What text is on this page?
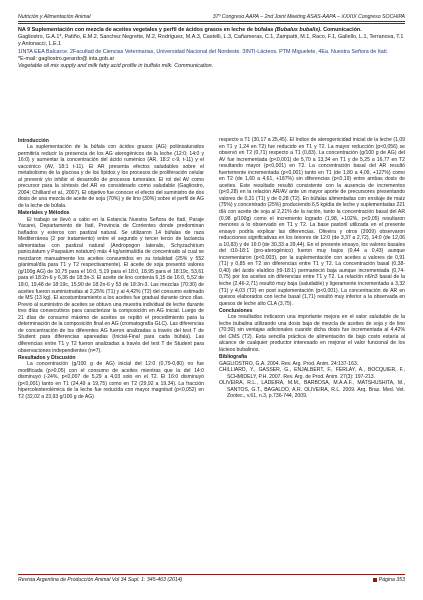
Nutrición y Alimentación Animal	37º Congreso AAPA – 2nd Joint Meeting ASAS-AAPA – XXXIX Congreso SOCHIPA
NA 9 Suplementación con mezcla de aceites vegetales y perfil de ácidos grasos en leche de búfalas (Bubalus bubalis). Comunicación.
Gagliostro, G.A.1*, Patiño, E.M.2, Sanchez Negrette, M.2, Rodríguez, M.A.3, Castelli, L.3, Cañameras, C.1, Zampatti, M.1, Raco, F.1, Gallello, L.1, Terranova, T.1 y Antonacci, L.E.1
1INTA EEA Balcarce. 2Facultad de Ciencias Veterinarias, Universidad Nacional del Nordeste. 3INTI-Lácteos. PTM Miguelete, 4Ea. Nuestra Señora de Itatí.
*E-mail: gagliostro.gerardo@ inta.gob.ar
Vegetable oil mix supply and milk fatty acid profile in buffalo milk. Communication.

Introducción

La suplementación de la búfala con ácidos grasos (AG) poliinsaturados permitiría reducir la presencia de los AG aterogénicos de la leche (12:0; 14:0 y 16:0) y aumentar la concentración del ácido ruménico (AR, 18:2 c-9, t-11) y el vaccénico (AV, 18:1 t-11). El AR presenta efectos saludables sobre el metabolismo de la glucosa y de los lípidos y los procesos de proliferación celular al prevenir y/o inhibir el desarrollo de procesos tumorales. El rol del AV como precursor para la síntesis del AR es considerado como saludable (Gagliostro, 2004; Chilliard et al., 2007). El objetivo fue conocer el efecto del suministro de dos dosis de una mezcla de aceite de soja (70%) y de lino (30%) sobre el perfil de AG de la leche de búfala.

Materiales y Métodos

El trabajo se llevó a cabo en la Estancia Nuestra Señora de Itatí, Paraje Yacarei, Departamento de Itatí, Provincia de Corrientes donde predominan bañados y esteros con pastizal natural. Se utilizaron 14 búfalas de raza Mediterránea (2 por tratamiento) entre el segundo y tercer tercio de lactancia alimentadas con pastizal natural (Andropogon lateralis, Schyzachirium paniculatum y Paspalum notatum) más 4 kg/animal/día de concentrado al cual se mezclaron manualmente los aceites consumidos en su totalidad (25% y 552 g/animal/día para T1 y T2 respectivamente). El aceite de soja presentó valores (g/100g AG) de 10,75 para el 16:0, 5,19 para el 18:0, 18,95 para el 18:19c, 53,61 para el 18:2n-6 y 6,36 de 18:3n-3. El aceite de lino contenía 6,15 de 16:0, 5,52 de 18:0, 19,48 de 18:19c, 15,90 de 18:2n-6 y 53 de 18:3n-3. Las mezclas (70:30) de aceites fueron suministradas al 2,25% (T1) y al 4,42% (T2) del consumo estimado de MS (13 kg). El acostumbramiento a los aceites fue gradual durante cinco días. Previo al suministro de aceites se obtuvo una muestra individual de leche durante tres días consecutivos para caracterizar la composición en AG inicial. Luego de 21 días de consumo máximo de aceites se repitió el procedimiento para la determinación de la composición final en AG (cromatografía GLC). Las diferencias de concentración de los diferentes AG fueron analizadas a través del test T de Student para diferencias apareadas (Inicial-Final para cada búfala). Las diferencias entre T1 y T2 fueron analizadas a través del test T de Student para observaciones independientes (n=7).

Resultados y Discusión

La concentración (g/100 g de AG) inicial del 12:0 (0,79-0,80) no fue modificada (p>0,05) con el consumo de aceites mientras que la del 14:0 disminuyó (-24%, p<0,007 de 5,29 a 4,03 solo en el T2. El 16:0 disminuyó (p<0,001) tanto en T1 (24,49 a 19,75) como en T2 (29,92 a 19,34). La fracción hipercolesterolémica de la leche fue reducida con mayor magnitud (p<0,052) en T2 (32,02 a 23,93 g/100 g de AG)

respecto a T1 (30,17 a 25,45). El índice de aterogenicidad inicial de la leche (1,09 en T1 y 1,24 en T2) fue reducido en T1 y T2. La mayor reducción (p<0,056) se observó en T2 (0,71) respecto a T1 (0,83). La concentración (g/100 g de AG) del AV fue incrementada (p<0,001) de 5,70 a 13,34 en T1 y de 5,25 a 16,77 en T2 resultando mayor (p<0,001) en T2. La concentración basal del AR resultó fuertemente incrementada (p<0,001) tanto en T1 (de 1,80 a 4,09, +127%) como en T2 (de 1,60 a 4,61, +187%) sin diferencias (p<0,19) entre ambas dosis de aceites. Este resultado resultó consistente con la ausencia de incrementos (p<0,28) en la relación AR/AV ante un mayor aporte de precursores presentando valores de 0,31 (T1) y de 0,28 (T2). En búfalas alimentadas con ensilaje de maíz (75%) y concentrado (25%) produciendo 6,5 kg/día de leche y suplementadas 221 díá con aceite de soja al 2,21% de la ración, tanto la concentración basal del AR (0,98 g/100g) como el incremento logrado (1,98, +102%, p<0,05) resultaron menores a lo observado en T1 y T2. La base pastoril utilizada en el presente ensayo podría explicar las diferencias. Oliveira y otros (2009) observaron reducciones significativas en los tenores de 12:0 (de 3,37 a 2,72), 14:0 (de 12,06 a 10,83) y de 16:0 (de 30,33 a 29,44). En el presente ensayo, los valores basales del t10-18:1 (pro-aterogénico) fueron muy bajos (0,44 a 0,43) aunque incrementaron (p<0,003), por la suplementación con aceites a valores de 0,91 (T1) y 0,85 en T2 sin diferencias entre T1 y T2. La concentración basal (0,38-0,40) del ácido elaídico (t9-18:1) permaneció baja aunque incrementada (0,74-0,75) por los aceites sin diferencias entre T1 y T2. La relación n6/n3 basal de la leche (2,46-2,71) resultó muy baja (saludable) y ligeramente incrementada a 3,32 (T1) y 4,03 (T2) en post suplementación (p<0,001). La concentración de AR en quesos elaborados con leche basal (1,71) resultó muy inferior a la observada en quesos de leche alto CLA (3,75).

Conclusiones

Los resultados indicaron una importante mejora en el valor saludable de la leche bubalina utilizando una dosis baja de mezcla de aceites de soja y de lino (70:30) sin ventajas adicionales cuando dicha dosis fue incrementada al 4,42% del CMS (T2). Esta sencilla práctica de alimentación de bajo costo estaría al alcance de cualquier productor interesado en mejorar el valor funcional de los lácteos bubalinos.

Bibliografía

GAGLIOSTRO, G.A. 2004. Rev. Arg. Prod. Anim. 24:137-163.

CHILLIARD, Y., GASSER, G., ENJALBERT, F., FERLAY, A., BOCQUIER, F., SCHMIDELY, P.H. 2007. Rev. Arg. de Prod. Anim. 27(3): 197-213.

OLIVEIRA, R.L., LADEIRA, M.M., BARBOSA, M.A.A.F., MATSHUSHITA, M., SANTOS, G.T., BAGALDO, A.R. OLIVEIRA, R.L. 2009. Arq. Bras. Med. Vet. Zootec., v.61, n.3, p.736-744, 2009.

Revista Argentina de Producción Animal Vol 34 Supl. 1: 345-463 (2014)	Página 353
